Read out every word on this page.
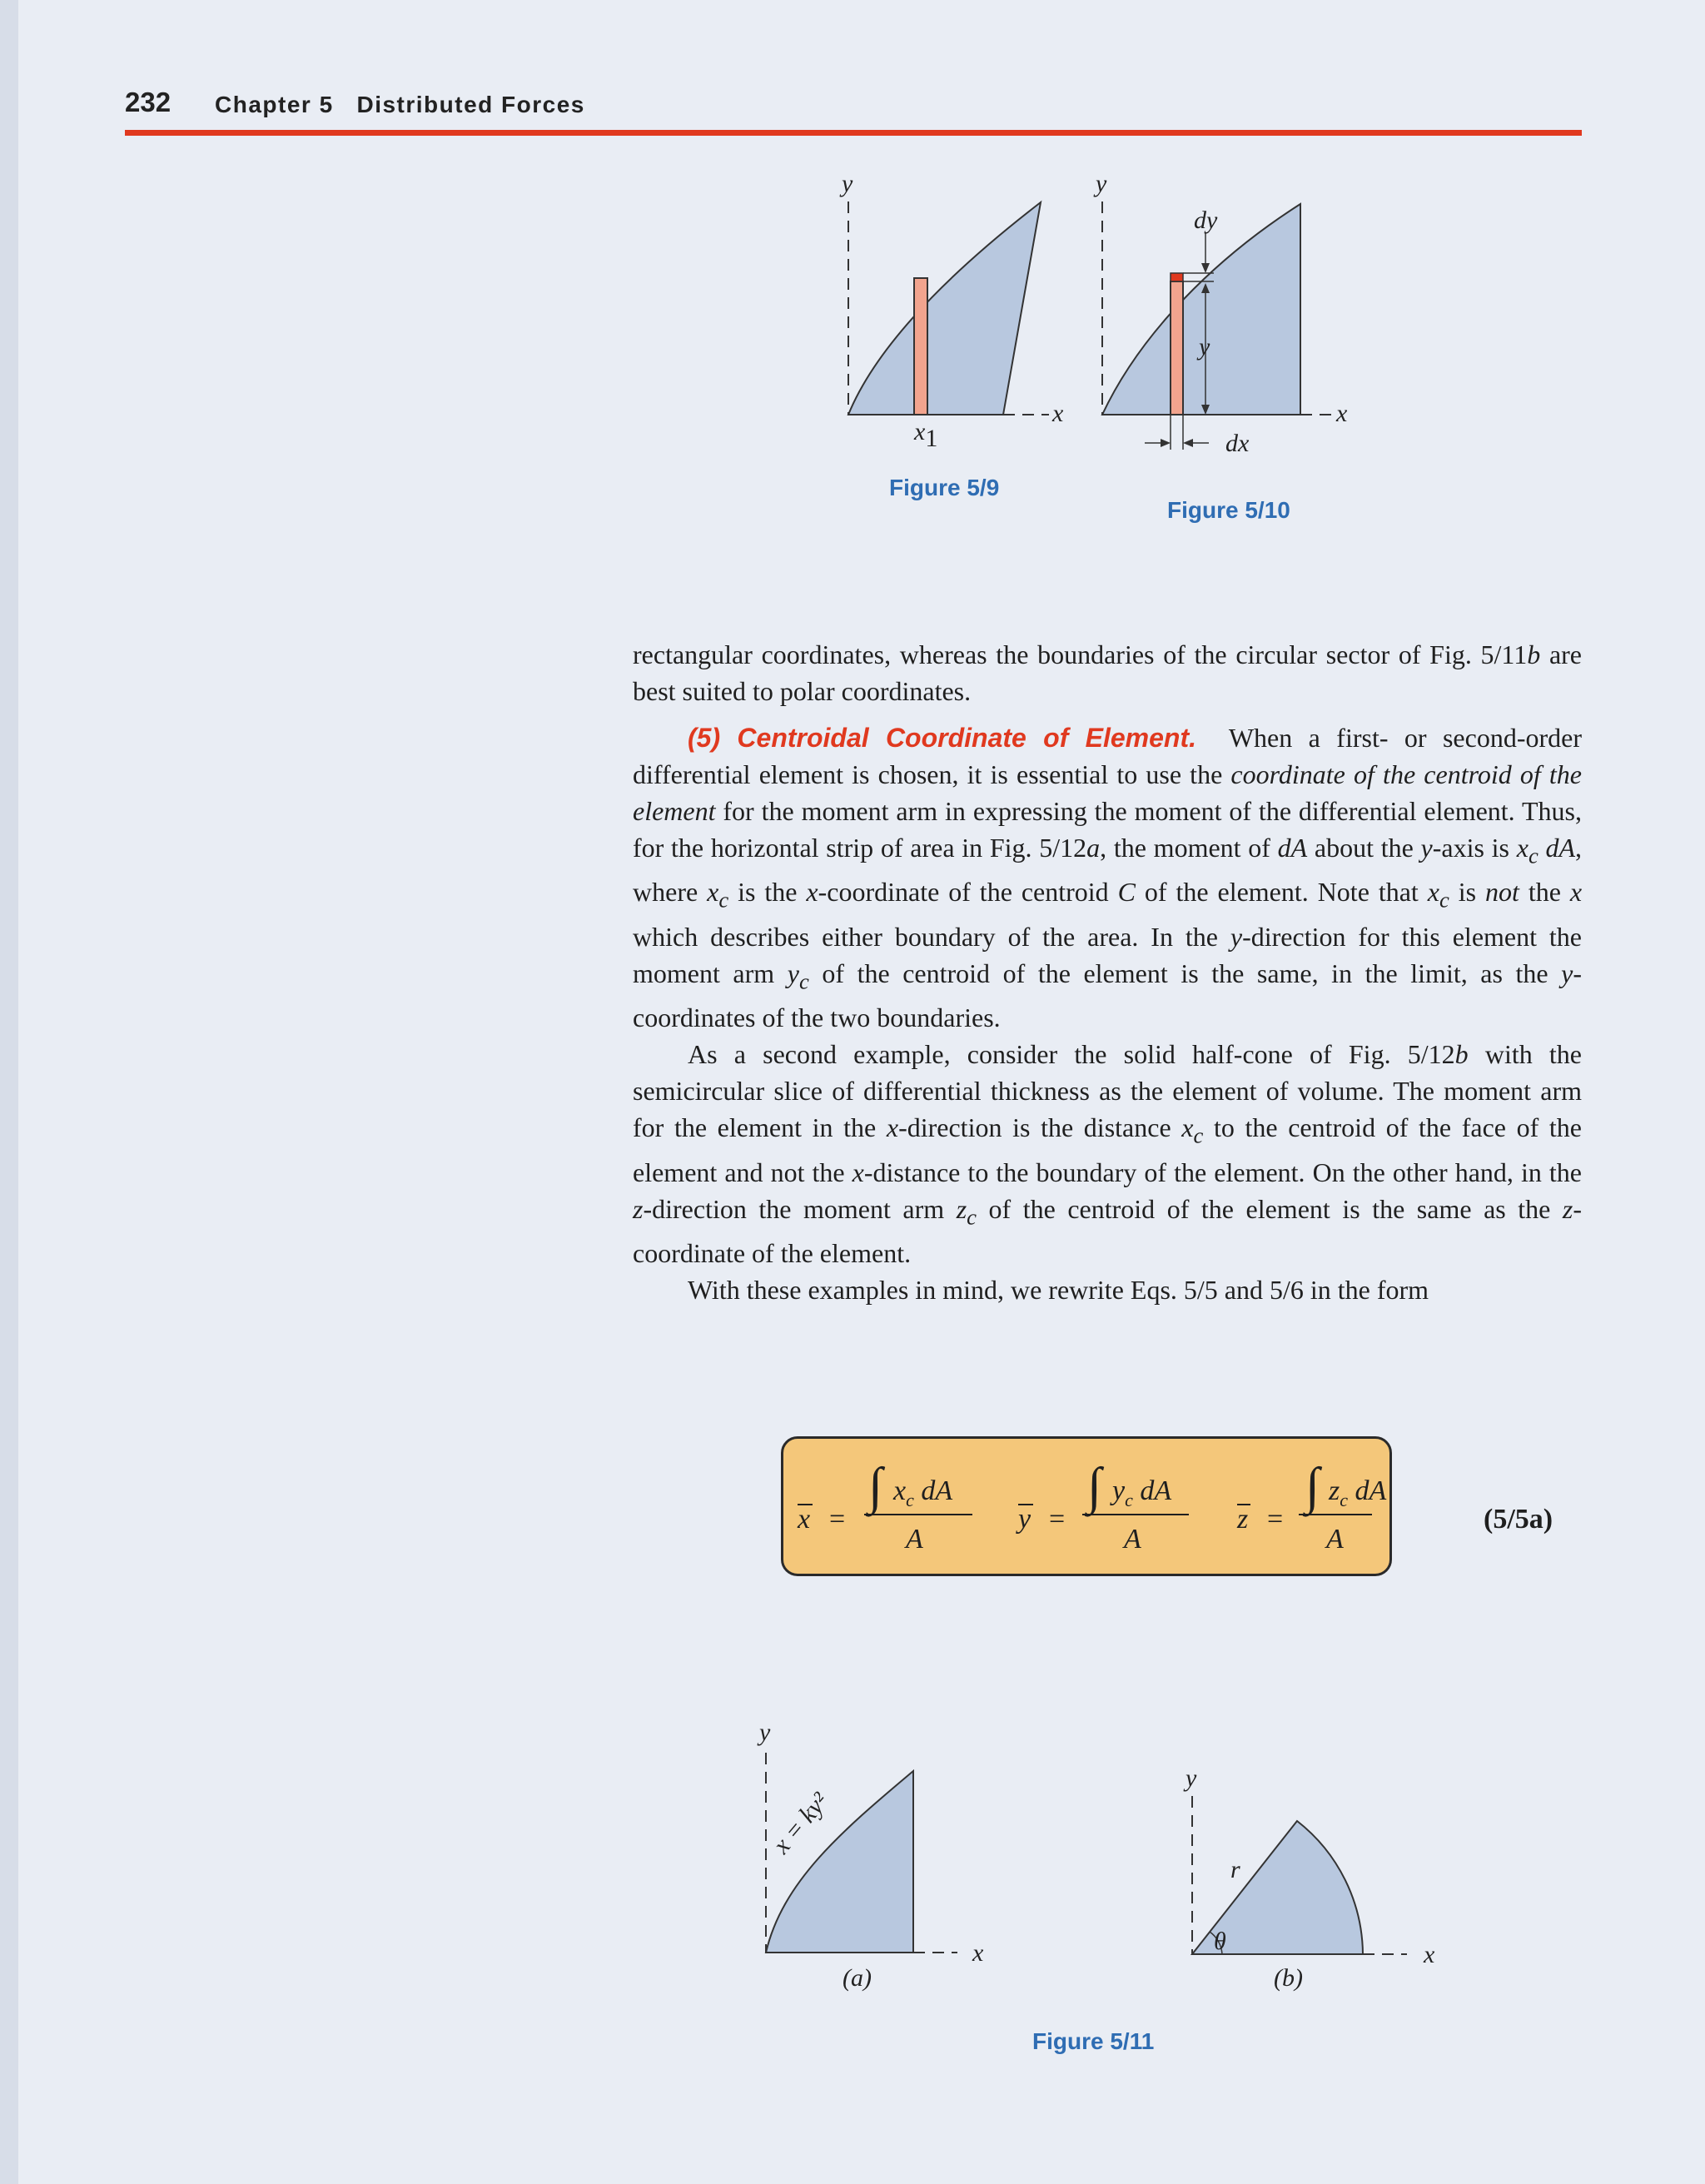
232 Chapter 5   Distributed Forces
y
x
x1
Figure 5/9
y
x
dy
y
dx
Figure 5/10

rectangular coordinates, whereas the boundaries of the circular sector of Fig. 5/11b are best suited to polar coordinates.

(5) Centroidal Coordinate of Element.  When a first- or second-order differential element is chosen, it is essential to use the coordinate of the centroid of the element for the moment arm in expressing the moment of the differential element. Thus, for the horizontal strip of area in Fig. 5/12a, the moment of dA about the y-axis is $x_c$ dA, where $x_c$ is the x-coordinate of the centroid C of the element. Note that $x_c$ is not the x which describes either boundary of the area. In the y-direction for this element the moment arm $y_c$ of the centroid of the element is the same, in the limit, as the y-coordinates of the two boundaries.

As a second example, consider the solid half-cone of Fig. 5/12b with the semicircular slice of differential thickness as the element of volume. The moment arm for the element in the x-direction is the distance $x_c$ to the centroid of the face of the element and not the x-distance to the boundary of the element. On the other hand, in the z-direction the moment arm $z_c$ of the centroid of the element is the same as the z-coordinate of the element.

With these examples in mind, we rewrite Eqs. 5/5 and 5/6 in the form

x =
∫ $x_c$ dA
A
y =
∫ $y_c$ dA
A
z =
∫ $z_c$ dA
A
(5/5a)
y
x
x = ky²
(a)
y
x
r
θ
(b)
Figure 5/11
